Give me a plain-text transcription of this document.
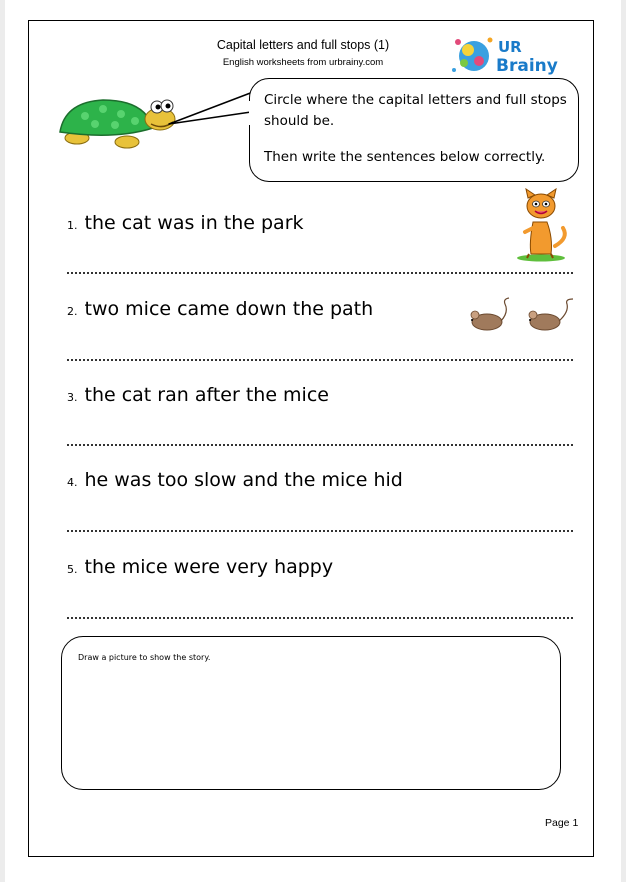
Capital letters and full stops (1)
English worksheets from urbrainy.com
UR
Brainy

Circle where the capital letters and full stops should be.

Then write the sentences below correctly.

1. the cat was in the park
2. two mice came down the path
3. the cat ran after the mice
4. he was too slow and the mice hid
5. the mice were very happy
Draw a picture to show the story.
Page 1
